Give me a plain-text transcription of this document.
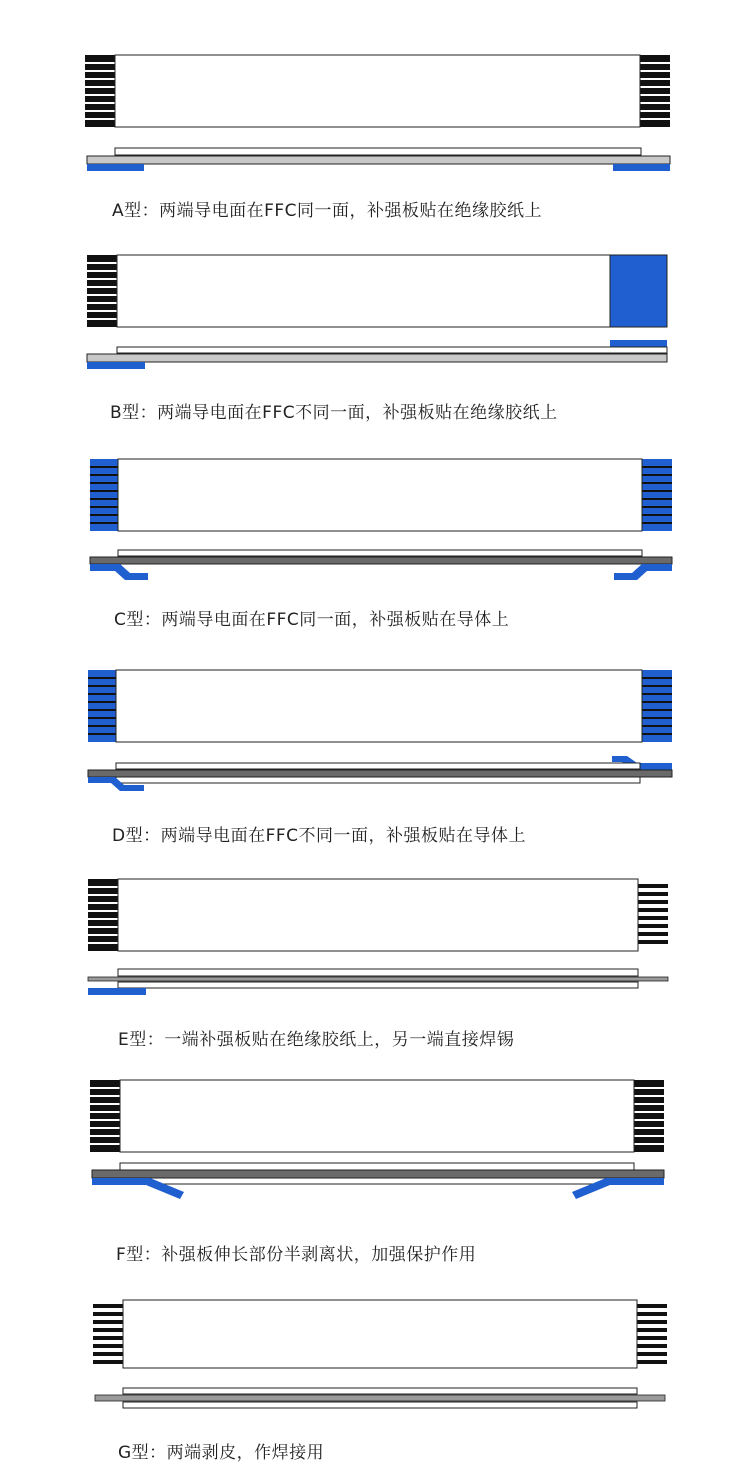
A型：两端导电面在FFC同一面，补强板贴在绝缘胶纸上
B型：两端导电面在FFC不同一面，补强板贴在绝缘胶纸上
C型：两端导电面在FFC同一面，补强板贴在导体上
D型：两端导电面在FFC不同一面，补强板贴在导体上
E型：一端补强板贴在绝缘胶纸上，另一端直接焊锡
F型：补强板伸长部份半剥离状，加强保护作用
G型：两端剥皮，作焊接用
